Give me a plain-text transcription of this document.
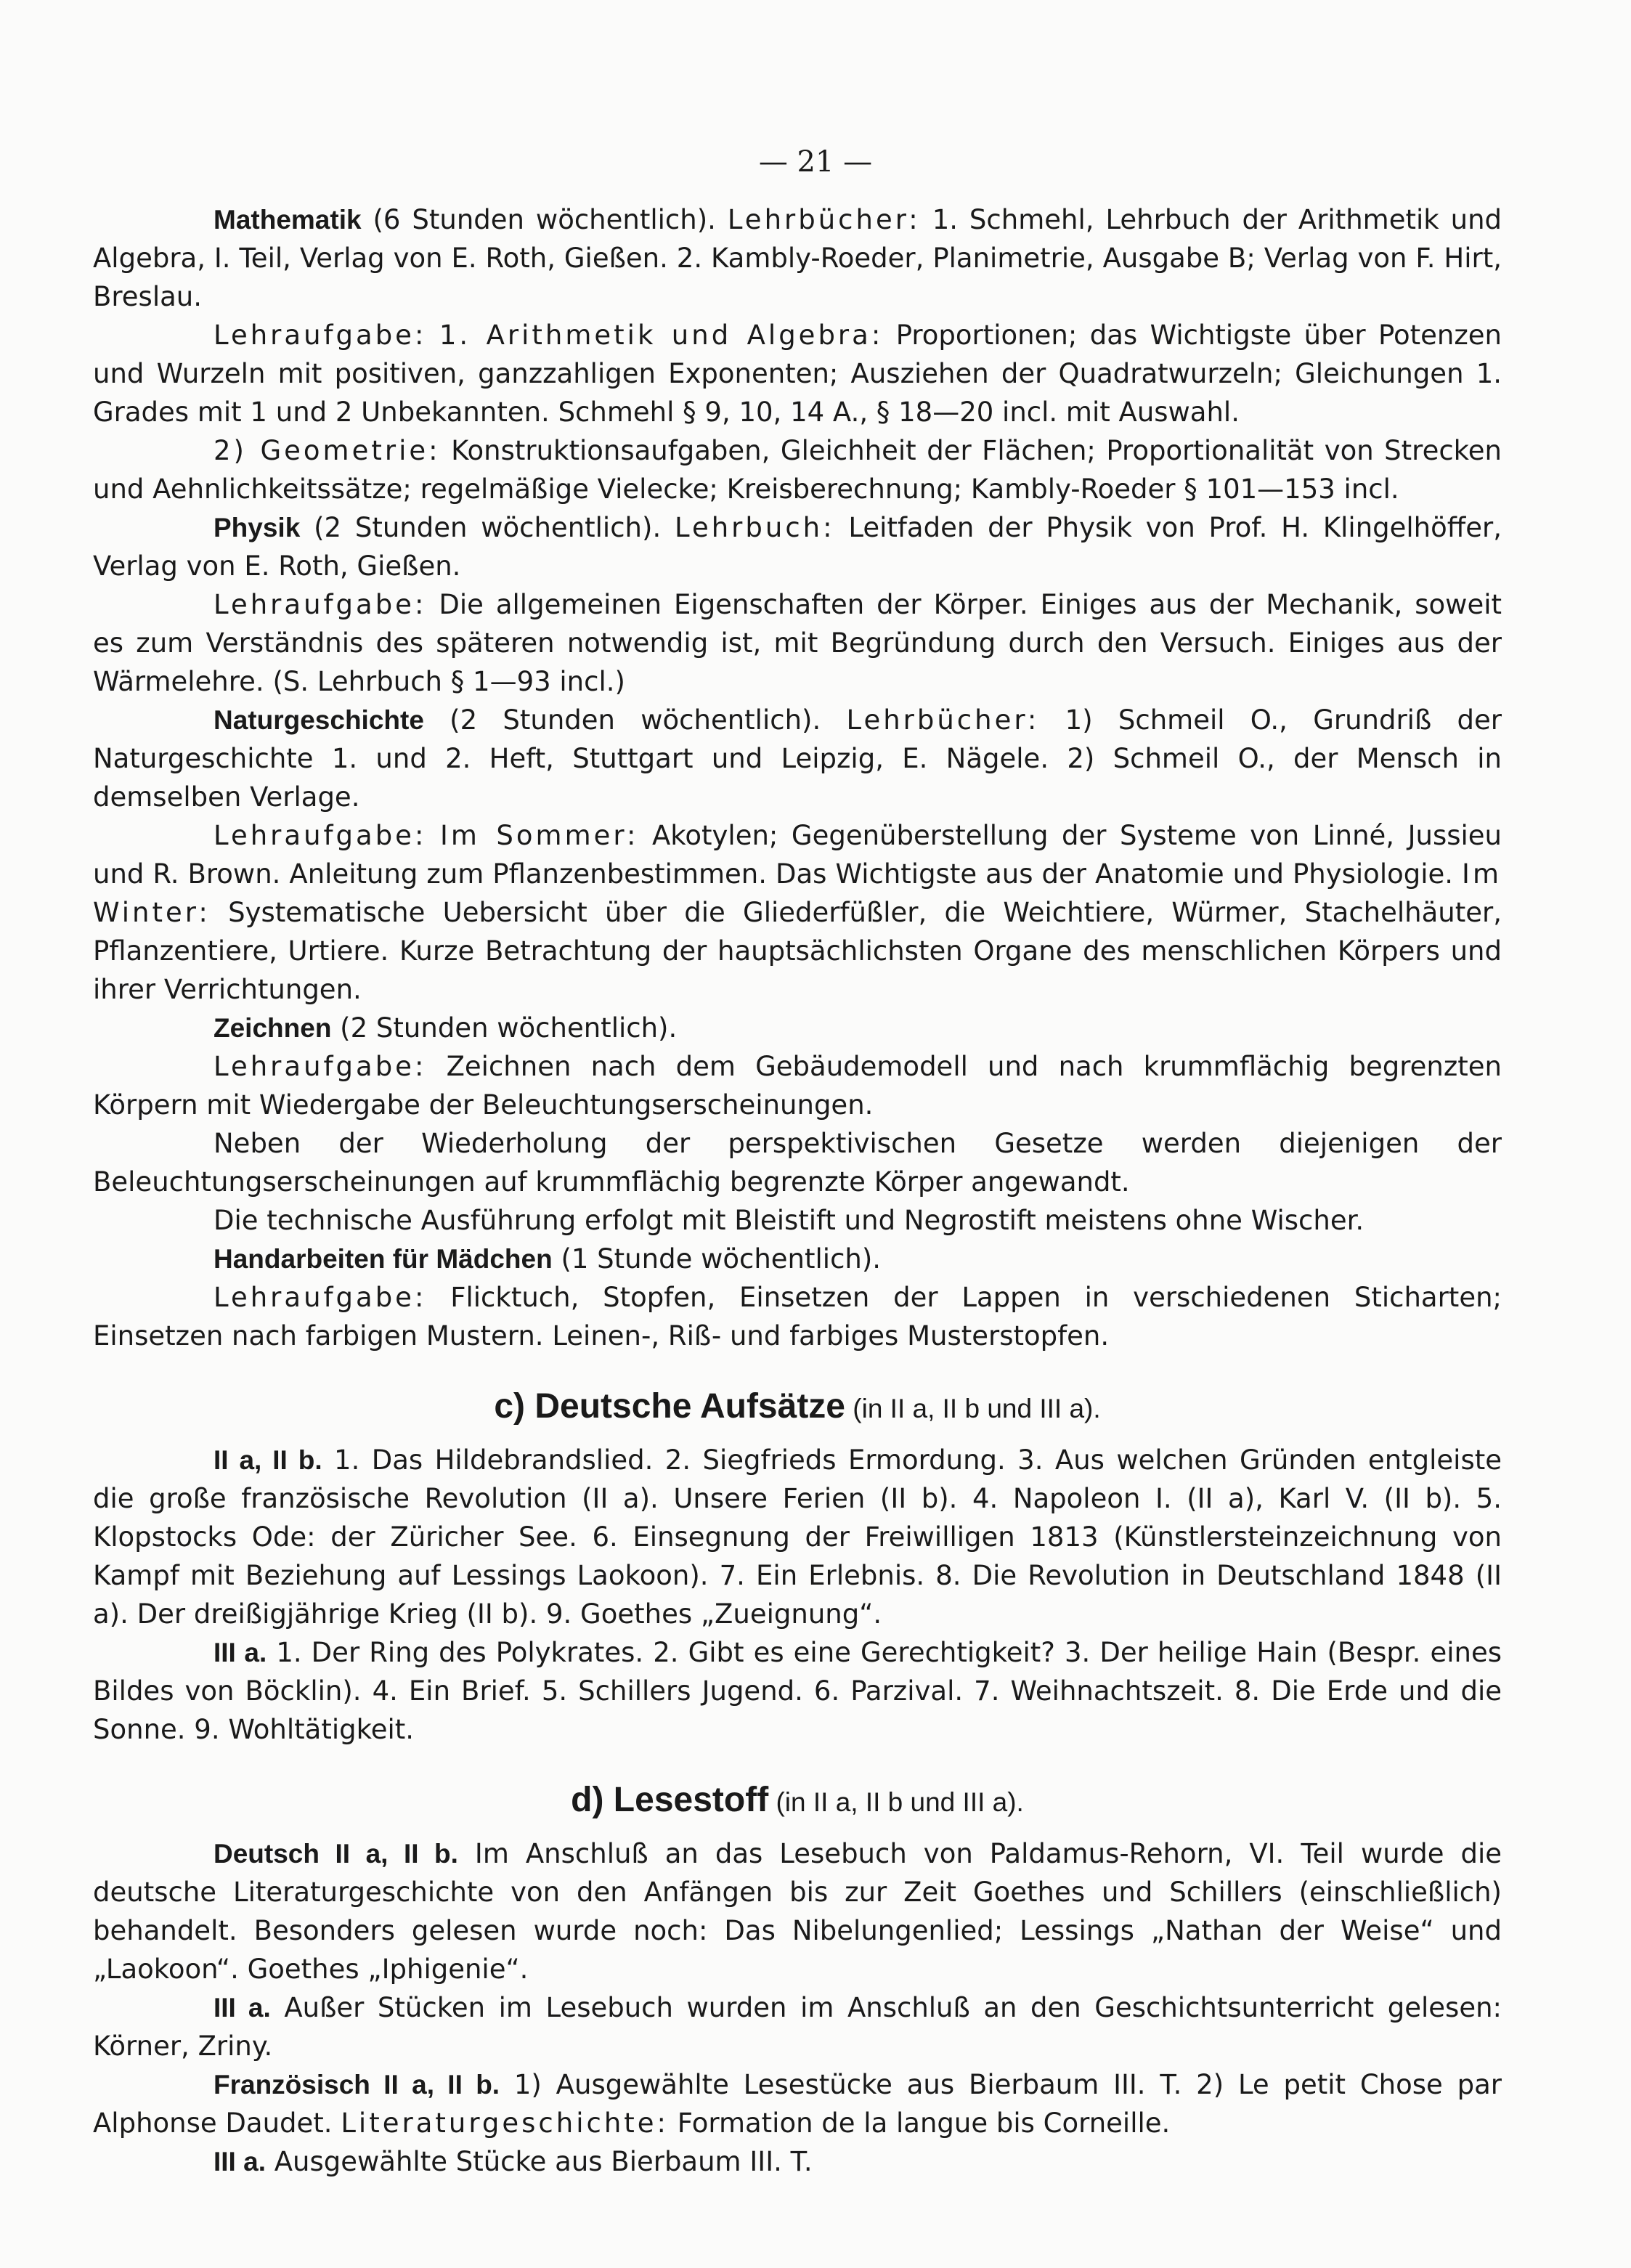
— 21 —

Mathematik (6 Stunden wöchentlich). Lehrbücher: 1. Schmehl, Lehrbuch der Arithmetik und Algebra, I. Teil, Verlag von E. Roth, Gießen. 2. Kambly-Roeder, Planimetrie, Ausgabe B; Verlag von F. Hirt, Breslau.

Lehraufgabe: 1. Arithmetik und Algebra: Proportionen; das Wichtigste über Potenzen und Wurzeln mit positiven, ganzzahligen Exponenten; Ausziehen der Quadratwurzeln; Gleichungen 1. Grades mit 1 und 2 Unbekannten. Schmehl § 9, 10, 14 A., § 18—20 incl. mit Auswahl.

2) Geometrie: Konstruktionsaufgaben, Gleichheit der Flächen; Proportionalität von Strecken und Aehnlichkeitssätze; regelmäßige Vielecke; Kreisberechnung; Kambly-Roeder § 101—153 incl.

Physik (2 Stunden wöchentlich). Lehrbuch: Leitfaden der Physik von Prof. H. Klingelhöffer, Verlag von E. Roth, Gießen.

Lehraufgabe: Die allgemeinen Eigenschaften der Körper. Einiges aus der Mechanik, soweit es zum Verständnis des späteren notwendig ist, mit Begründung durch den Versuch. Einiges aus der Wärmelehre. (S. Lehrbuch § 1—93 incl.)

Naturgeschichte (2 Stunden wöchentlich). Lehrbücher: 1) Schmeil O., Grundriß der Naturgeschichte 1. und 2. Heft, Stuttgart und Leipzig, E. Nägele. 2) Schmeil O., der Mensch in demselben Verlage.

Lehraufgabe: Im Sommer: Akotylen; Gegenüberstellung der Systeme von Linné, Jussieu und R. Brown. Anleitung zum Pflanzenbestimmen. Das Wichtigste aus der Anatomie und Physiologie. Im Winter: Systematische Uebersicht über die Gliederfüßler, die Weichtiere, Würmer, Stachelhäuter, Pflanzentiere, Urtiere. Kurze Betrachtung der hauptsächlichsten Organe des menschlichen Körpers und ihrer Verrichtungen.

Zeichnen (2 Stunden wöchentlich).

Lehraufgabe: Zeichnen nach dem Gebäudemodell und nach krummflächig begrenzten Körpern mit Wiedergabe der Beleuchtungserscheinungen.

Neben der Wiederholung der perspektivischen Gesetze werden diejenigen der Beleuchtungserscheinungen auf krummflächig begrenzte Körper angewandt.

Die technische Ausführung erfolgt mit Bleistift und Negrostift meistens ohne Wischer.

Handarbeiten für Mädchen (1 Stunde wöchentlich).

Lehraufgabe: Flicktuch, Stopfen, Einsetzen der Lappen in verschiedenen Sticharten; Einsetzen nach farbigen Mustern. Leinen-, Riß- und farbiges Musterstopfen.

c) Deutsche Aufsätze (in II a, II b und III a).

II a, II b. 1. Das Hildebrandslied. 2. Siegfrieds Ermordung. 3. Aus welchen Gründen entgleiste die große französische Revolution (II a). Unsere Ferien (II b). 4. Napoleon I. (II a), Karl V. (II b). 5. Klopstocks Ode: der Züricher See. 6. Einsegnung der Freiwilligen 1813 (Künstlersteinzeichnung von Kampf mit Beziehung auf Lessings Laokoon). 7. Ein Erlebnis. 8. Die Revolution in Deutschland 1848 (II a). Der dreißigjährige Krieg (II b). 9. Goethes „Zueignung“.

III a. 1. Der Ring des Polykrates. 2. Gibt es eine Gerechtigkeit? 3. Der heilige Hain (Bespr. eines Bildes von Böcklin). 4. Ein Brief. 5. Schillers Jugend. 6. Parzival. 7. Weihnachtszeit. 8. Die Erde und die Sonne. 9. Wohltätigkeit.

d) Lesestoff (in II a, II b und III a).

Deutsch II a, II b. Im Anschluß an das Lesebuch von Paldamus-Rehorn, VI. Teil wurde die deutsche Literaturgeschichte von den Anfängen bis zur Zeit Goethes und Schillers (einschließlich) behandelt. Besonders gelesen wurde noch: Das Nibelungenlied; Lessings „Nathan der Weise“ und „Laokoon“. Goethes „Iphigenie“.

III a. Außer Stücken im Lesebuch wurden im Anschluß an den Geschichtsunterricht gelesen: Körner, Zriny.

Französisch II a, II b. 1) Ausgewählte Lesestücke aus Bierbaum III. T. 2) Le petit Chose par Alphonse Daudet. Literaturgeschichte: Formation de la langue bis Corneille.

III a. Ausgewählte Stücke aus Bierbaum III. T.
